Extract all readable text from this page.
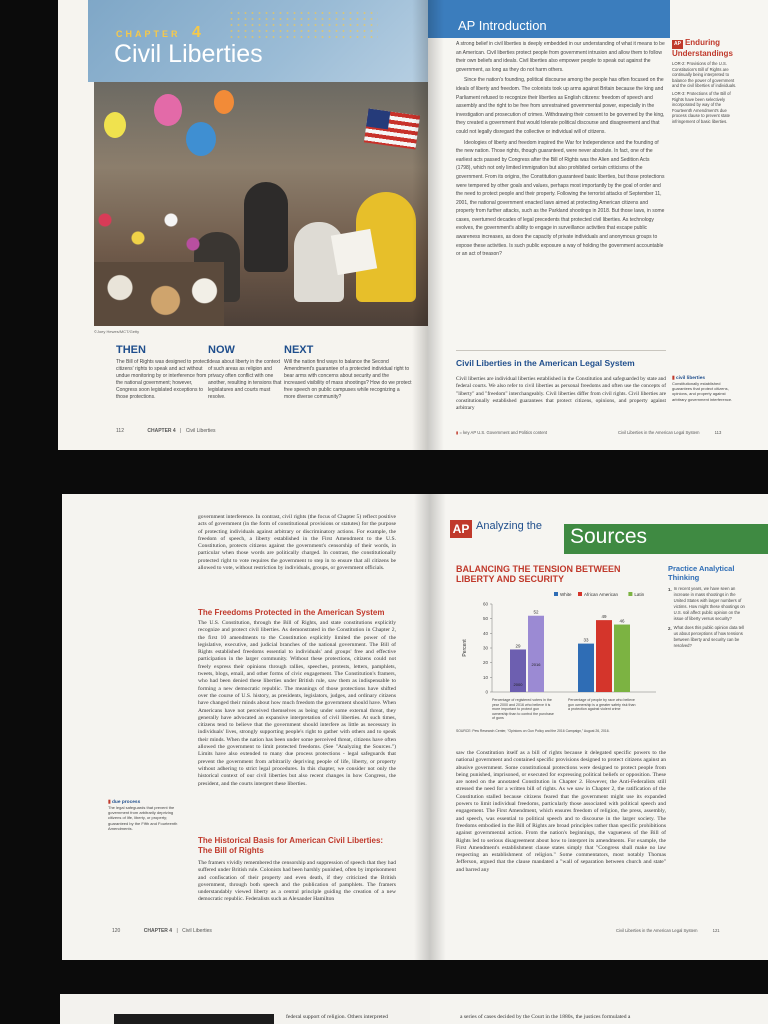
CHAPTER 4
Civil Liberties
©Joey Hewes/MCT/Getty
THEN
The Bill of Rights was designed to protect citizens' rights to speak and act without undue monitoring by or interference from the national government; however, Congress soon legislated exceptions to those protections.
NOW
Ideas about liberty in the context of such areas as religion and privacy often conflict with one another, resulting in tensions that legislatures and courts must resolve.
NEXT
Will the nation find ways to balance the Second Amendment's guarantee of a protected individual right to bear arms with concerns about security and the increased visibility of mass shootings? How do we protect free speech on public campuses while recognizing a more diverse community?
112	CHAPTER 4 | Civil Liberties
AP Introduction

A strong belief in civil liberties is deeply embedded in our understanding of what it means to be an American. Civil liberties protect people from government intrusion and allow them to follow their own beliefs and ideals. Civil liberties also empower people to speak out against the government, as long as they do not harm others.

Since the nation's founding, political discourse among the people has often focused on the ideals of liberty and freedom. The colonists took up arms against Britain because the king and Parliament refused to recognize their liberties as English citizens: freedom of speech and assembly and the right to be free from unrestrained governmental power, especially in the investigation and prosecution of crimes. Withdrawing their consent to be governed by the king, they created a government that would tolerate political discourse and disagreement and that could not legally disregard the collective or individual will of citizens.

Ideologies of liberty and freedom inspired the War for Independence and the founding of the new nation. Those rights, though guaranteed, were never absolute. In fact, one of the earliest acts passed by Congress after the Bill of Rights was the Alien and Sedition Acts (1798), which not only limited immigration but also prohibited certain criticisms of the government. From its origins, the Constitution guaranteed basic liberties, but those protections were tempered by other goals and values, perhaps most importantly by the goal of order and the need to protect people and their property. Following the terrorist attacks of September 11, 2001, the national government enacted laws aimed at protecting American citizens and property from further attacks, such as the Parkland shootings in 2018. But those laws, in some cases, overturned decades of legal precedents that protected civil liberties. As technology evolves, the government's ability to engage in surveillance activities that escape public awareness increases, as does the capacity of private individuals and anonymous groups to expose these activities. Is such public exposure a way of holding the government accountable or an act of treason?

AP Enduring Understandings
LOR-2: Provisions of the U.S. Constitution's Bill of Rights are continually being interpreted to balance the power of government and the civil liberties of individuals.
LOR-3: Protections of the Bill of Rights have been selectively incorporated by way of the Fourteenth Amendment's due process clause to prevent state infringement of basic liberties.
Civil Liberties in the American Legal System
Civil liberties are individual liberties established in the Constitution and safeguarded by state and federal courts. We also refer to civil liberties as personal freedoms and often use the concepts of "liberty" and "freedom" interchangeably. Civil liberties differ from civil rights. Civil liberties are constitutionally established guarantees that protect citizens, opinions, and property against arbitrary
▮ civil liberties
Constitutionally established guarantees that protect citizens, opinions, and property against arbitrary government interference.
▮ = key AP U.S. Government and Politics content	Civil Liberties in the American Legal System	113
government interference. In contrast, civil rights (the focus of Chapter 5) reflect positive acts of government (in the form of constitutional provisions or statutes) for the purpose of protecting individuals against arbitrary or discriminatory actions. For example, the freedom of speech, a liberty established in the First Amendment to the U.S. Constitution, protects citizens against the government's censorship of their words, in particular when those words are politically charged. In contrast, the constitutionally protected right to vote requires the government to step in to ensure that all citizens be allowed to vote, without restriction by individuals, groups, or government officials.
The Freedoms Protected in the American System
The U.S. Constitution, through the Bill of Rights, and state constitutions explicitly recognize and protect civil liberties. As demonstrated in the Constitution in Chapter 2, the first 10 amendments to the Constitution explicitly limited the power of the legislative, executive, and judicial branches of the national government. The Bill of Rights established freedoms essential to individuals' and groups' free and effective participation in the larger community. Without these protections, citizens could not freely express their opinions through rallies, speeches, protests, letters, pamphlets, tweets, blogs, email, and other forms of civic engagement. The Constitution's framers, who had been denied these liberties under British rule, saw them as indispensable to forming a new democratic republic. The meanings of those protections have shifted over the course of U.S. history, as presidents, legislators, judges, and ordinary citizens have changed their minds about how much freedom the government should have. When Americans have not perceived themselves as being under some external threat, they generally have advocated an expansive interpretation of civil liberties. At such times, citizens tend to believe that the government should interfere as little as necessary in individuals' lives, strongly supporting people's right to gather with others and to speak their minds. When the nation has been under some perceived threat, citizens have often allowed the government to limit protected freedoms. (See "Analyzing the Sources.") Limits have also extended to many due process protections - legal safeguards that prevent the government from arbitrarily depriving people of life, liberty, or property without adhering to strict legal procedures. In this chapter, we consider not only the historical context of our civil liberties but also recent changes in how Congress, the president, and the courts interpret these liberties.
▮ due process
The legal safeguards that prevent the government from arbitrarily depriving citizens of life, liberty, or property; guaranteed by the Fifth and Fourteenth Amendments.
The Historical Basis for American Civil Liberties: The Bill of Rights
The framers vividly remembered the censorship and suppression of speech that they had suffered under British rule. Colonists had been harshly punished, often by imprisonment and confiscation of their property and even death, if they criticized the British government, through both speech and the publication of pamphlets. The framers understandably viewed liberty as a central principle guiding the creation of a new democratic republic. Federalists such as Alexander Hamilton
120	CHAPTER 4 | Civil Liberties
AP Analyzing the Sources
BALANCING THE TENSION BETWEEN LIBERTY AND SECURITY
White	African American	Latin
0
10
20
30
40
50
60
Percent	29
2000
52
2016
33
49
46
Percentage of registered voters in the year 2000 and 2016 who believe it is more important to protect gun ownership than to control the purchase of guns
Percentage of people by race who believe gun ownership is a greater safety risk than a protection against violent crime
SOURCE: Pew Research Center, "Opinions on Gun Policy and the 2016 Campaign," August 26, 2016.
Practice Analytical Thinking
1. In recent years, we have seen an increase in mass shootings in the United States with larger numbers of victims. How might these shootings on U.S. soil affect public opinion on the issue of liberty versus security?
2. What does this public opinion data tell us about perceptions of how tensions between liberty and security can be resolved?
saw the Constitution itself as a bill of rights because it delegated specific powers to the national government and contained specific provisions designed to protect citizens against an abusive government. Some constitutional protections were designed to protect people from being punished, imprisoned, or executed for expressing political beliefs or opposition. These are noted on the annotated Constitution in Chapter 2. However, the Anti-Federalists still stressed the need for a written bill of rights. As we saw in Chapter 2, the ratification of the Constitution stalled because citizens feared that the government might use its expanded powers to limit individual freedoms, particularly those associated with political speech and engagement. The First Amendment, which ensures freedom of religion, the press, assembly, and speech, was essential to political speech and to discourse in the larger society. The freedoms embodied in the Bill of Rights are broad principles rather than specific prohibitions against governmental action. From the nation's beginnings, the vagueness of the Bill of Rights led to serious disagreement about how to interpret its amendments. For example, the First Amendment's establishment clause states simply that "Congress shall make no law respecting an establishment of religion." Some commentators, most notably Thomas Jefferson, argued that the clause mandated a "wall of separation between church and state" and barred any
Civil Liberties in the American Legal System	121
federal support of religion. Others interpreted	a series of cases decided by the Court in the 1880s, the justices formulated a
